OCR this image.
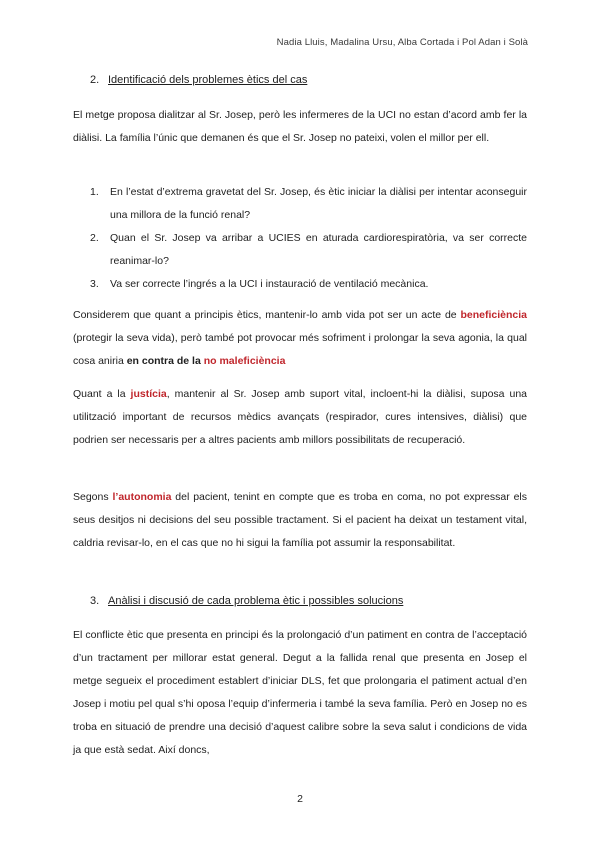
Nadia Lluis, Madalina Ursu, Alba Cortada i Pol Adan i Solà
2. Identificació dels problemes ètics del cas

El metge proposa dialitzar al Sr. Josep, però les infermeres de la UCI no estan d’acord amb fer la diàlisi. La família l’únic que demanen és que el Sr. Josep no pateixi, volen el millor per ell.

1. En l’estat d’extrema gravetat del Sr. Josep, és ètic iniciar la diàlisi per intentar aconseguir una millora de la funció renal?
2. Quan el Sr. Josep va arribar a UCIES en aturada cardiorespiratòria, va ser correcte reanimar-lo?
3. Va ser correcte l’ingrés a la UCI i instauració de ventilació mecànica.

Considerem que quant a principis ètics, mantenir-lo amb vida pot ser un acte de beneficiència (protegir la seva vida), però també pot provocar més sofriment i prolongar la seva agonia, la qual cosa aniria en contra de la no maleficiència

Quant a la justícia, mantenir al Sr. Josep amb suport vital, incloent-hi la diàlisi, suposa una utilització important de recursos mèdics avançats (respirador, cures intensives, diàlisi) que podrien ser necessaris per a altres pacients amb millors possibilitats de recuperació.

Segons l’autonomia del pacient, tenint en compte que es troba en coma, no pot expressar els seus desitjos ni decisions del seu possible tractament. Si el pacient ha deixat un testament vital, caldria revisar-lo, en el cas que no hi sigui la família pot assumir la responsabilitat.

3. Anàlisi i discusió de cada problema ètic i possibles solucions

El conflicte ètic que presenta en principi és la prolongació d’un patiment en contra de l’acceptació d’un tractament per millorar estat general. Degut a la fallida renal que presenta en Josep el metge segueix el procediment establert d’iniciar DLS, fet que prolongaria el patiment actual d’en Josep i motiu pel qual s’hi oposa l’equip d’infermeria i també la seva família. Però en Josep no es troba en situació de prendre una decisió d’aquest calibre sobre la seva salut i condicions de vida ja que està sedat. Així doncs,

2
